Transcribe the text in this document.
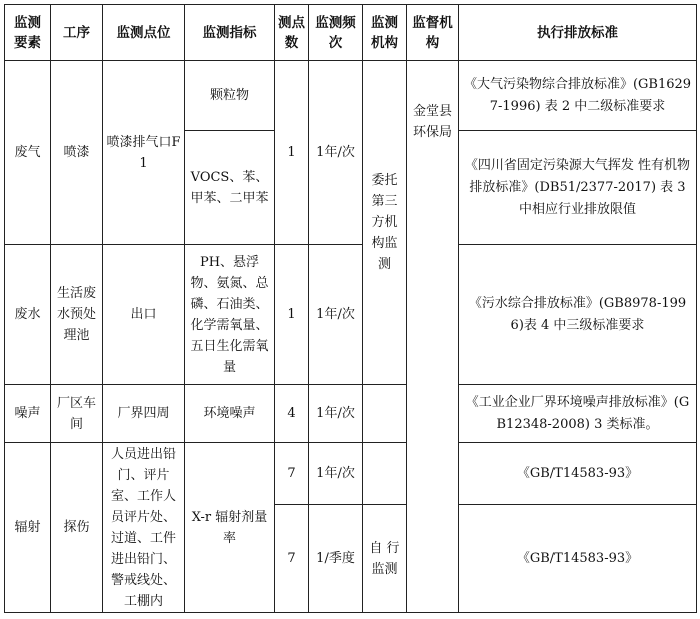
监测要素	工序	监测点位	监测指标	测点数	监测频次	监测机构	监督机构	执行排放标准
废气	喷漆	喷漆排气口F1	颗粒物	1	1年/次	委托第三方机构监测	金堂县环保局	《大气污染物综合排放标准》(GB16297-1996) 表 2 中二级标准要求
			VOCS、苯、甲苯、二甲苯					《四川省固定污染源大气挥发 性有机物排放标准》(DB51/2377-2017) 表 3 中相应行业排放限值
废水	生活废水预处理池	出口	PH、悬浮物、氨氮、总磷、石油类、化学需氧量、五日生化需氧量	1	1年/次			《污水综合排放标准》(GB8978-1996)表 4 中三级标准要求
噪声	厂区车间	厂界四周	环境噪声	4	1年/次			《工业企业厂界环境噪声排放标准》(GB12348-2008) 3 类标准。
辐射	探伤	人员进出铅门、评片室、工作人员评片处、过道、工件进出铅门、警戒线处、工棚内	X-r 辐射剂量率	7	1年/次			《GB/T14583-93》
				7	1/季度	自 行监测		《GB/T14583-93》
